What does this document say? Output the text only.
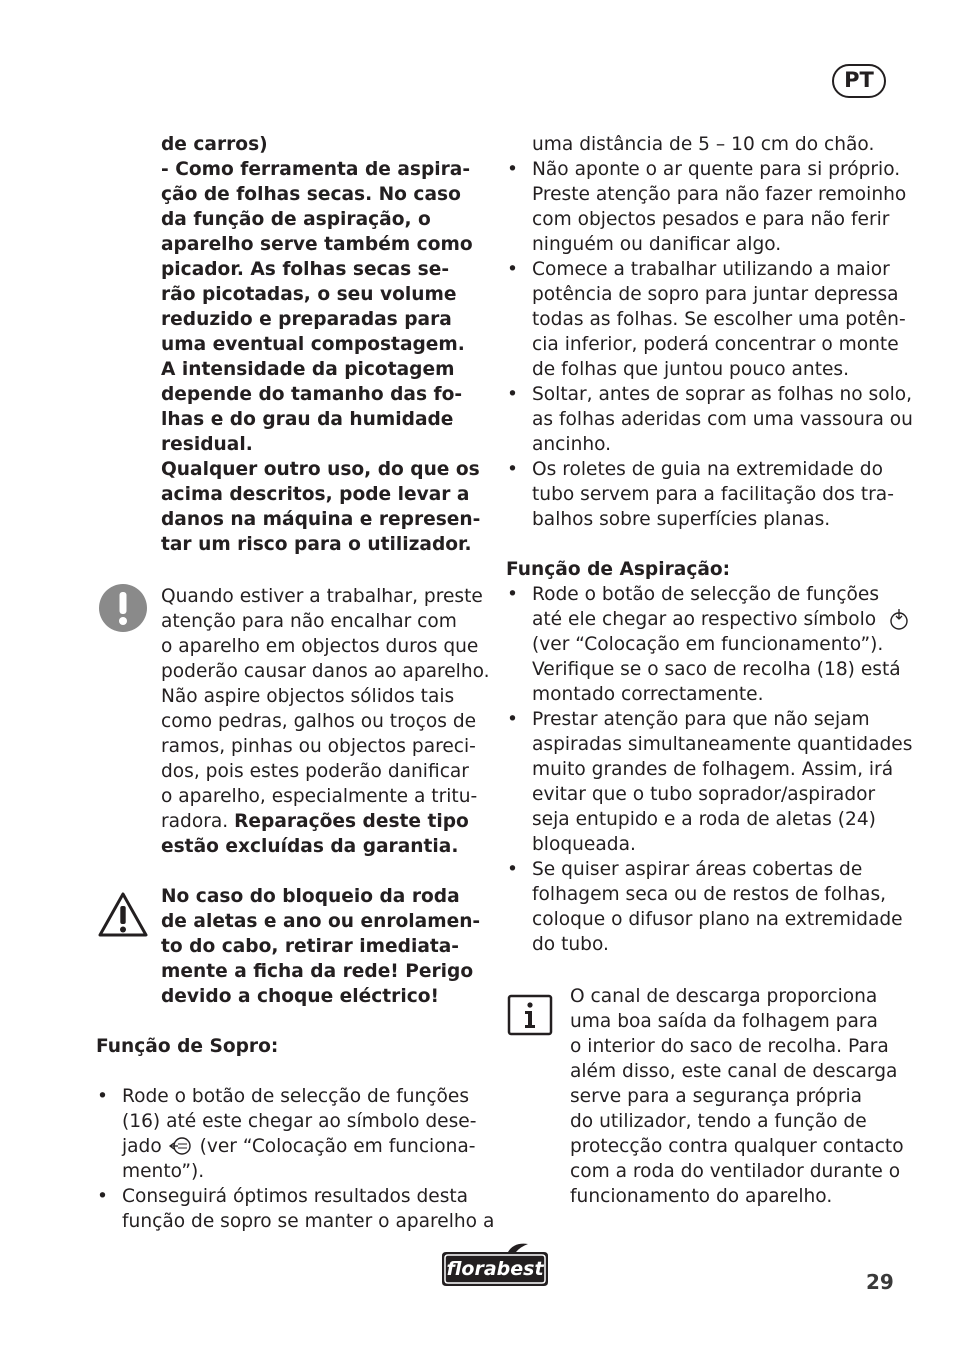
PT
de carros)
- Como ferramenta de aspira-
ção de folhas secas. No caso
da função de aspiração, o
aparelho serve também como
picador. As folhas secas se-
rão picotadas, o seu volume
reduzido e preparadas para
uma eventual compostagem.
A intensidade da picotagem
depende do tamanho das fo-
lhas e do grau da humidade
residual.
Qualquer outro uso, do que os
acima descritos, pode levar a
danos na máquina e represen-
tar um risco para o utilizador.
Quando estiver a trabalhar, preste
atenção para não encalhar com
o aparelho em objectos duros que
poderão causar danos ao aparelho.
Não aspire objectos sólidos tais
como pedras, galhos ou troços de
ramos, pinhas ou objectos pareci-
dos, pois estes poderão danificar
o aparelho, especialmente a tritu-
radora. Reparações deste tipo
estão excluídas da garantia.
No caso do bloqueio da roda
de aletas e ano ou enrolamen-
to do cabo, retirar imediata-
mente a ficha da rede! Perigo
devido a choque eléctrico!
Função de Sopro:
• Rode o botão de selecção de funções
(16) até este chegar ao símbolo dese-
jado (ver “Colocação em funciona-
mento”).
• Conseguirá óptimos resultados desta
função de sopro se manter o aparelho a
uma distância de 5 – 10 cm do chão.
• Não aponte o ar quente para si próprio.
Preste atenção para não fazer remoinho
com objectos pesados e para não ferir
ninguém ou danificar algo.
• Comece a trabalhar utilizando a maior
potência de sopro para juntar depressa
todas as folhas. Se escolher uma potên-
cia inferior, poderá concentrar o monte
de folhas que juntou pouco antes.
• Soltar, antes de soprar as folhas no solo,
as folhas aderidas com uma vassoura ou
ancinho.
• Os roletes de guia na extremidade do
tubo servem para a facilitação dos tra-
balhos sobre superfícies planas.
Função de Aspiração:
• Rode o botão de selecção de funções
até ele chegar ao respectivo símbolo
(ver “Colocação em funcionamento”).
Verifique se o saco de recolha (18) está
montado correctamente.
• Prestar atenção para que não sejam
aspiradas simultaneamente quantidades
muito grandes de folhagem. Assim, irá
evitar que o tubo soprador/aspirador
seja entupido e a roda de aletas (24)
bloqueada.
• Se quiser aspirar áreas cobertas de
folhagem seca ou de restos de folhas,
coloque o difusor plano na extremidade
do tubo.
O canal de descarga proporciona
uma boa saída da folhagem para
o interior do saco de recolha. Para
além disso, este canal de descarga
serve para a segurança própria
do utilizador, tendo a função de
protecção contra qualquer contacto
com a roda do ventilador durante o
funcionamento do aparelho.
florabest
29
